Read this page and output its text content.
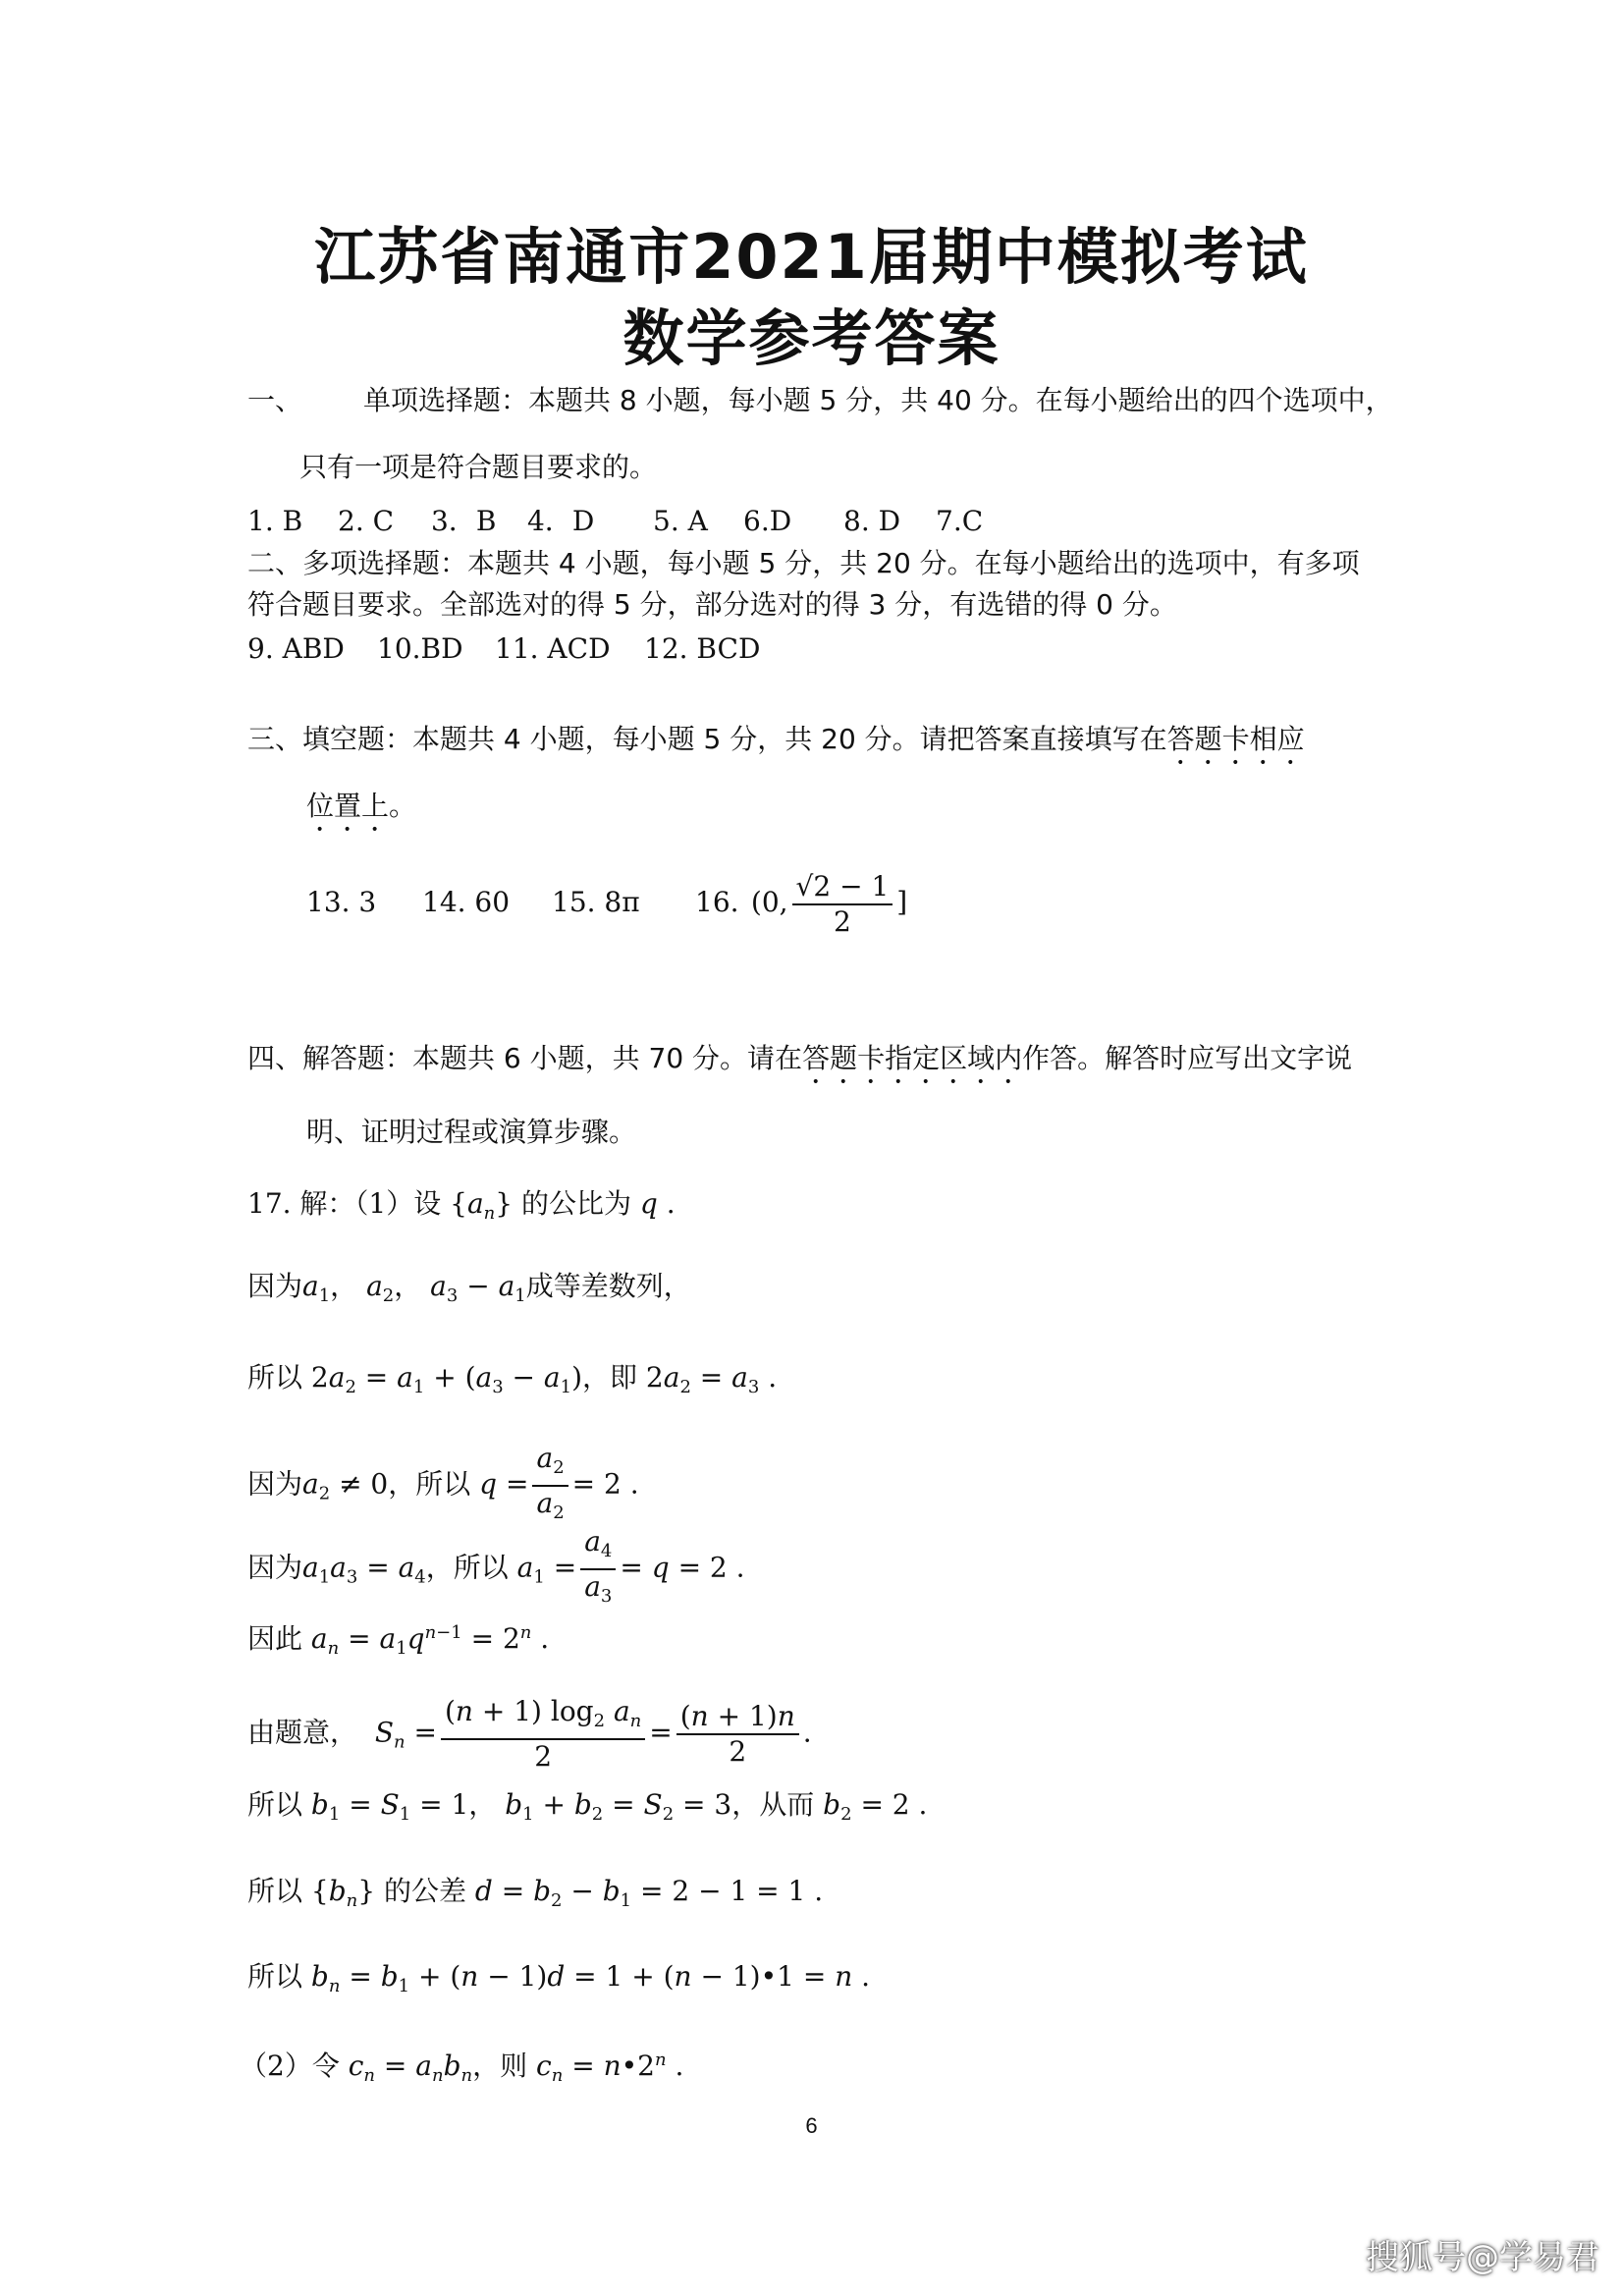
江苏省南通市2021届期中模拟考试
数学参考答案
一、 单项选择题：本题共 8 小题，每小题 5 分，共 40 分。在每小题给出的四个选项中，
只有一项是符合题目要求的。
1. B 2. C 3．B 4．D 5. A 6.D 8. D 7.C
二、多项选择题：本题共 4 小题，每小题 5 分，共 20 分。在每小题给出的选项中，有多项
符合题目要求。全部选对的得 5 分，部分选对的得 3 分，有选错的得 0 分。
9. ABD 10.BD 11. ACD 12. BCD
三、填空题：本题共 4 小题，每小题 5 分，共 20 分。请把答案直接填写在答题卡相应
位置上。
13. 3 14. 60 15. 8π 16. (0, $\frac{√2 - 1}{2}$ ]
四、解答题：本题共 6 小题，共 70 分。请在答题卡指定区域内作答。解答时应写出文字说
明、证明过程或演算步骤。
17. 解：（1）设 $\{a_n\}$ 的公比为 q .
因为$a_1$， $a_2$， $a_3 - a_1$成等差数列，
所以 $2a_2 = a_1 + (a_3 - a_1)$，即 $2a_2 = a_3$ .
因为$a_2 \ne 0$，所以 $q = \frac{a_2}{a_2} = 2$ .
因为$a_1a_3 = a_4$，所以 $a_1 = \frac{a_4}{a_3} = q = 2$ .
因此 $a_n = a_1q^{n-1} = 2^n$ .
由题意， $S_n = \frac{(n + 1) \log_2 a_n}{2} = \frac{(n + 1)n}{2}$ .
所以 $b_1 = S_1 = 1$， $b_1 + b_2 = S_2 = 3$，从而 $b_2 = 2$ .
所以 $\{b_n\}$ 的公差 $d = b_2 - b_1 = 2 - 1 = 1$ .
所以 $b_n = b_1 + (n - 1)d = 1 + (n$ − 1)•1 = n .
（2）令 $c_n = a_nb_n$，则 $c_n$ = $n•2^n$ .
6
搜狐号@学易君
